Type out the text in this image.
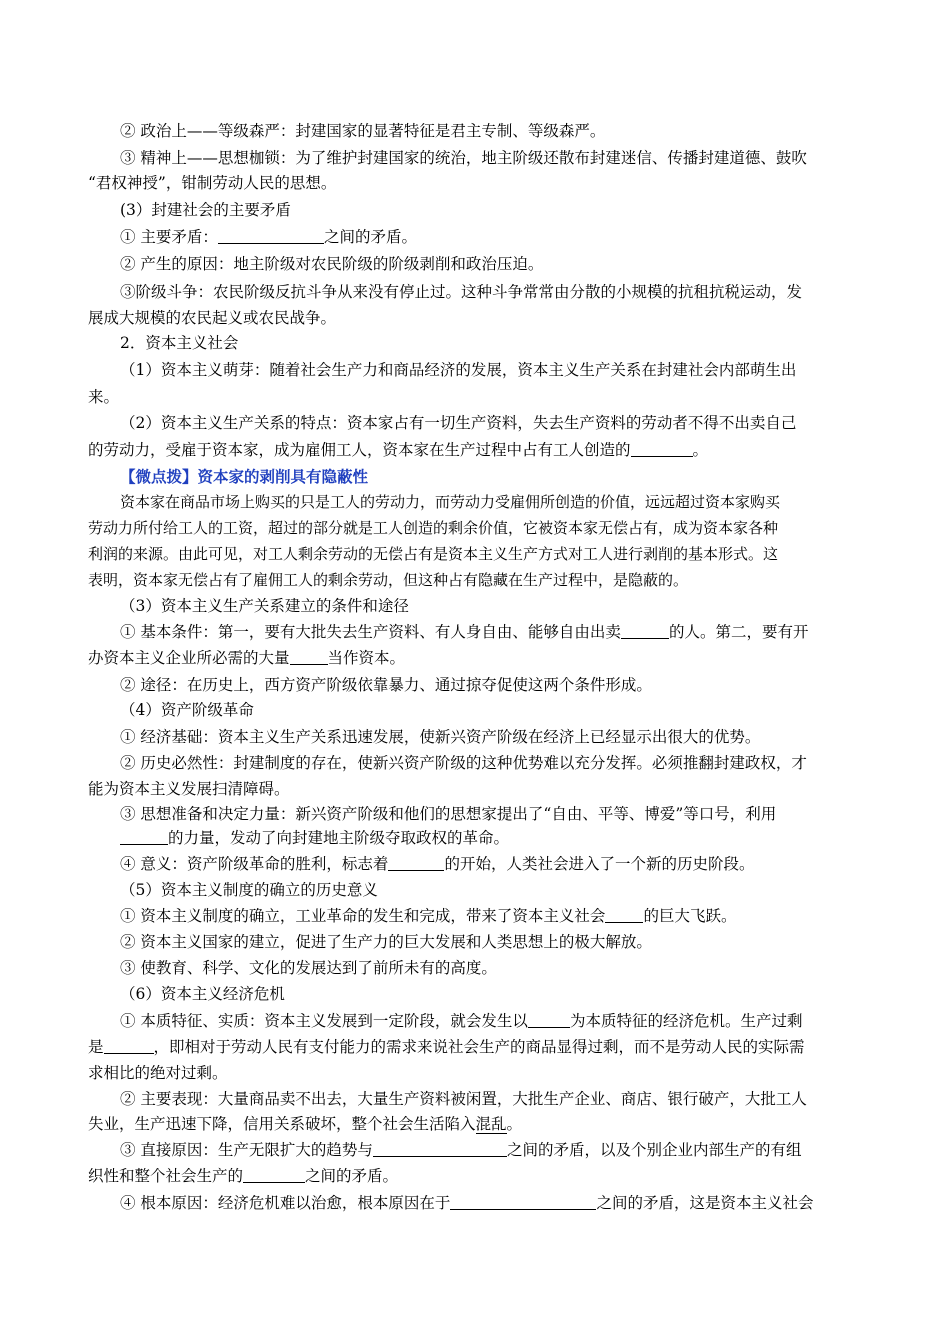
② 政治上——等级森严：封建国家的显著特征是君主专制、等级森严。
③ 精神上——思想枷锁：为了维护封建国家的统治，地主阶级还散布封建迷信、传播封建道德、鼓吹
“君权神授”，钳制劳动人民的思想。
(3）封建社会的主要矛盾
① 主要矛盾：	之间的矛盾。
② 产生的原因：地主阶级对农民阶级的阶级剥削和政治压迫。
③阶级斗争：农民阶级反抗斗争从来没有停止过。这种斗争常常由分散的小规模的抗租抗税运动，发
展成大规模的农民起义或农民战争。
2．资本主义社会
（1）资本主义萌芽：随着社会生产力和商品经济的发展，资本主义生产关系在封建社会内部萌生出
来。
（2）资本主义生产关系的特点：资本家占有一切生产资料，失去生产资料的劳动者不得不出卖自己
的劳动力，受雇于资本家，成为雇佣工人，资本家在生产过程中占有工人创造的	。
【微点拨】资本家的剥削具有隐蔽性
资本家在商品市场上购买的只是工人的劳动力，而劳动力受雇佣所创造的价值，远远超过资本家购买
劳动力所付给工人的工资，超过的部分就是工人创造的剩余价值，它被资本家无偿占有，成为资本家各种
利润的来源。由此可见，对工人剩余劳动的无偿占有是资本主义生产方式对工人进行剥削的基本形式。这
表明，资本家无偿占有了雇佣工人的剩余劳动，但这种占有隐藏在生产过程中，是隐蔽的。
（3）资本主义生产关系建立的条件和途径
① 基本条件：第一，要有大批失去生产资料、有人身自由、能够自由出卖	的人。第二，要有开
办资本主义企业所必需的大量 当作资本。
② 途径：在历史上，西方资产阶级依靠暴力、通过掠夺促使这两个条件形成。
（4）资产阶级革命
① 经济基础：资本主义生产关系迅速发展，使新兴资产阶级在经济上已经显示出很大的优势。
② 历史必然性：封建制度的存在，使新兴资产阶级的这种优势难以充分发挥。必须推翻封建政权，才
能为资本主义发展扫清障碍。
③ 思想准备和决定力量：新兴资产阶级和他们的思想家提出了“自由、平等、博爱”等口号，利用
的力量，发动了向封建地主阶级夺取政权的革命。
④ 意义：资产阶级革命的胜利，标志着	的开始，人类社会进入了一个新的历史阶段。
（5）资本主义制度的确立的历史意义
① 资本主义制度的确立，工业革命的发生和完成，带来了资本主义社会 的巨大飞跃。
② 资本主义国家的建立，促进了生产力的巨大发展和人类思想上的极大解放。
③ 使教育、科学、文化的发展达到了前所未有的高度。
（6）资本主义经济危机
① 本质特征、实质：资本主义发展到一定阶段，就会发生以	为本质特征的经济危机。生产过剩
是	，即相对于劳动人民有支付能力的需求来说社会生产的商品显得过剩，而不是劳动人民的实际需
求相比的绝对过剩。
② 主要表现：大量商品卖不出去，大量生产资料被闲置，大批生产企业、商店、银行破产，大批工人
失业，生产迅速下降，信用关系破坏，整个社会生活陷入混乱。
③ 直接原因：生产无限扩大的趋势与	之间的矛盾，以及个别企业内部生产的有组
织性和整个社会生产的	之间的矛盾。
④ 根本原因：经济危机难以治愈，根本原因在于	之间的矛盾，这是资本主义社会
